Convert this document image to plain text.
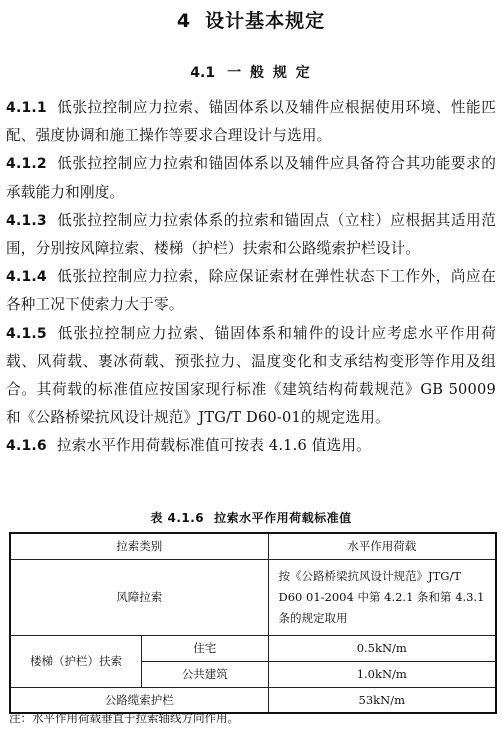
4 设计基本规定
4.1 一 般 规 定

4.1.1 低张拉控制应力拉索、锚固体系以及辅件应根据使用环境、性能匹配、强度协调和施工操作等要求合理设计与选用。

4.1.2 低张拉控制应力拉索和锚固体系以及辅件应具备符合其功能要求的承载能力和刚度。

4.1.3 低张拉控制应力拉索体系的拉索和锚固点（立柱）应根据其适用范围，分别按风障拉索、楼梯（护栏）扶索和公路缆索护栏设计。

4.1.4 低张拉控制应力拉索，除应保证索材在弹性状态下工作外，尚应在各种工况下使索力大于零。

4.1.5 低张拉控制应力拉索、锚固体系和辅件的设计应考虑水平作用荷载、风荷载、裹冰荷载、预张拉力、温度变化和支承结构变形等作用及组合。其荷载的标准值应按国家现行标准《建筑结构荷载规范》GB 50009 和《公路桥梁抗风设计规范》JTG/T D60-01的规定选用。

4.1.6 拉索水平作用荷载标准值可按表 4.1.6 值选用。

表 4.1.6 拉索水平作用荷载标准值
拉索类别		水平作用荷载
风障拉索		按《公路桥梁抗风设计规范》JTG/T D60 01-2004 中第 4.2.1 条和第 4.3.1 条的规定取用
楼梯（护栏）扶索	住宅	0.5kN/m
	公共建筑	1.0kN/m
公路缆索护栏		53kN/m
注：水平作用荷载垂直于拉索轴线方向作用。
